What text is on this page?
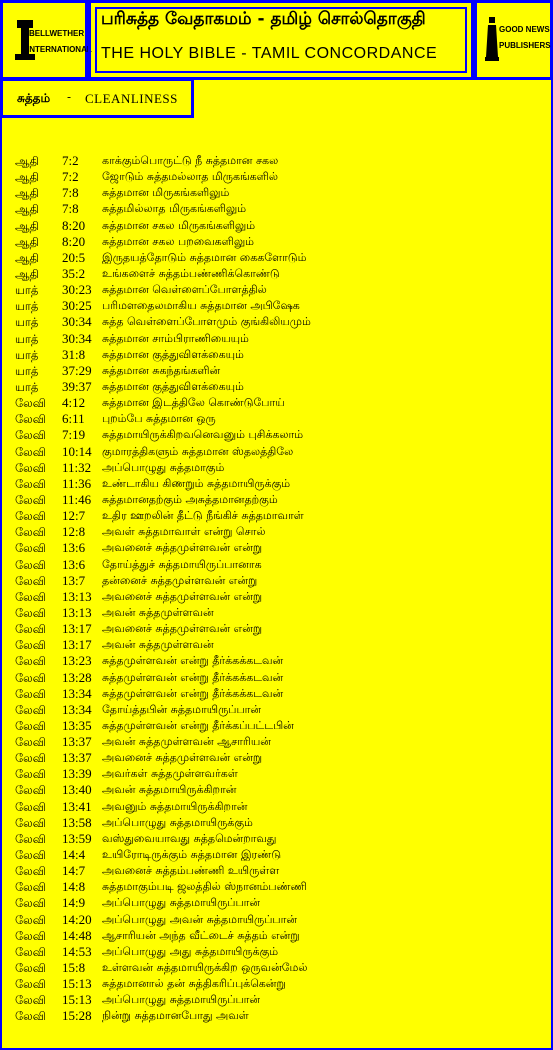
BELLWETHER
INTERNATIONAL
பரிசுத்த வேதாகமம் - தமிழ் சொல்தொகுதி
THE HOLY BIBLE - TAMIL CONCORDANCE
GOOD NEWS
PUBLISHERS
சுத்தம் - CLEANLINESS
ஆதி 7:2 காக்கும்பொருட்டு நீ சுத்தமான சகல
ஆதி 7:2 ஜோடும் சுத்தமல்லாத மிருகங்களில்
ஆதி 7:8 சுத்தமான மிருகங்களிலும்
ஆதி 7:8 சுத்தமில்லாத மிருகங்களிலும்
ஆதி 8:20 சுத்தமான சகல மிருகங்களிலும்
ஆதி 8:20 சுத்தமான சகல பறவைகளிலும்
ஆதி 20:5 இருதயத்தோடும் சுத்தமான கைகளோடும்
ஆதி 35:2 உங்களைச் சுத்தம்பண்ணிக்கொண்டு
யாத் 30:23 சுத்தமான வெள்ளைப்போளத்தில்
யாத் 30:25 பரிமளதைலமாகிய சுத்தமான அபிஷேக
யாத் 30:34 சுத்த வெள்ளைப்போளமும் குங்கிலியமும்
யாத் 30:34 சுத்தமான சாம்பிராணியையும்
யாத் 31:8 சுத்தமான குத்துவிளக்கையும்
யாத் 37:29 சுத்தமான சுகந்தங்களின்
யாத் 39:37 சுத்தமான குத்துவிளக்கையும்
லேவி 4:12 சுத்தமான இடத்திலே கொண்டுபோய்
லேவி 6:11 புறம்பே சுத்தமான ஒரு
லேவி 7:19 சுத்தமாயிருக்கிறவனெவனும் புசிக்கலாம்
லேவி 10:14 குமாரத்திகளும் சுத்தமான ஸ்தலத்திலே
லேவி 11:32 அப்பொழுது சுத்தமாகும்
லேவி 11:36 உண்டாகிய கிணறும் சுத்தமாயிருக்கும்
லேவி 11:46 சுத்தமானதற்கும் அசுத்தமானதற்கும்
லேவி 12:7 உதிர ஊறலின் தீட்டு நீங்கிச் சுத்தமாவாள்
லேவி 12:8 அவள் சுத்தமாவாள் என்று சொல்
லேவி 13:6 அவனைச் சுத்தமுள்ளவன் என்று
லேவி 13:6 தோய்த்துச் சுத்தமாயிருப்பானாக
லேவி 13:7 தன்னைச் சுத்தமுள்ளவன் என்று
லேவி 13:13 அவனைச் சுத்தமுள்ளவன் என்று
லேவி 13:13 அவன் சுத்தமுள்ளவன்
லேவி 13:17 அவனைச் சுத்தமுள்ளவன் என்று
லேவி 13:17 அவன் சுத்தமுள்ளவன்
லேவி 13:23 சுத்தமுள்ளவன் என்று தீர்க்கக்கடவன்
லேவி 13:28 சுத்தமுள்ளவன் என்று தீர்க்கக்கடவன்
லேவி 13:34 சுத்தமுள்ளவன் என்று தீர்க்கக்கடவன்
லேவி 13:34 தோய்த்தபின் சுத்தமாயிருப்பான்
லேவி 13:35 சுத்தமுள்ளவன் என்று தீர்க்கப்பட்டபின்
லேவி 13:37 அவன் சுத்தமுள்ளவன் ஆசாரியன்
லேவி 13:37 அவனைச் சுத்தமுள்ளவன் என்று
லேவி 13:39 அவர்கள் சுத்தமுள்ளவர்கள்
லேவி 13:40 அவன் சுத்தமாயிருக்கிறான்
லேவி 13:41 அவனும் சுத்தமாயிருக்கிறான்
லேவி 13:58 அப்பொழுது சுத்தமாயிருக்கும்
லேவி 13:59 வஸ்துவையாவது சுத்தமென்றாவது
லேவி 14:4 உயிரோடிருக்கும் சுத்தமான இரண்டு
லேவி 14:7 அவனைச் சுத்தம்பண்ணி உயிருள்ள
லேவி 14:8 சுத்தமாகும்படி ஜலத்தில் ஸ்நானம்பண்ணி
லேவி 14:9 அப்பொழுது சுத்தமாயிருப்பான்
லேவி 14:20 அப்பொழுது அவன் சுத்தமாயிருப்பான்
லேவி 14:48 ஆசாரியன் அந்த வீட்டைச் சுத்தம் என்று
லேவி 14:53 அப்பொழுது அது சுத்தமாயிருக்கும்
லேவி 15:8 உள்ளவன் சுத்தமாயிருக்கிற ஒருவன்மேல்
லேவி 15:13 சுத்தமானால் தன் சுத்திகரிப்புக்கென்று
லேவி 15:13 அப்பொழுது சுத்தமாயிருப்பான்
லேவி 15:28 நின்று சுத்தமானபோது அவள்
